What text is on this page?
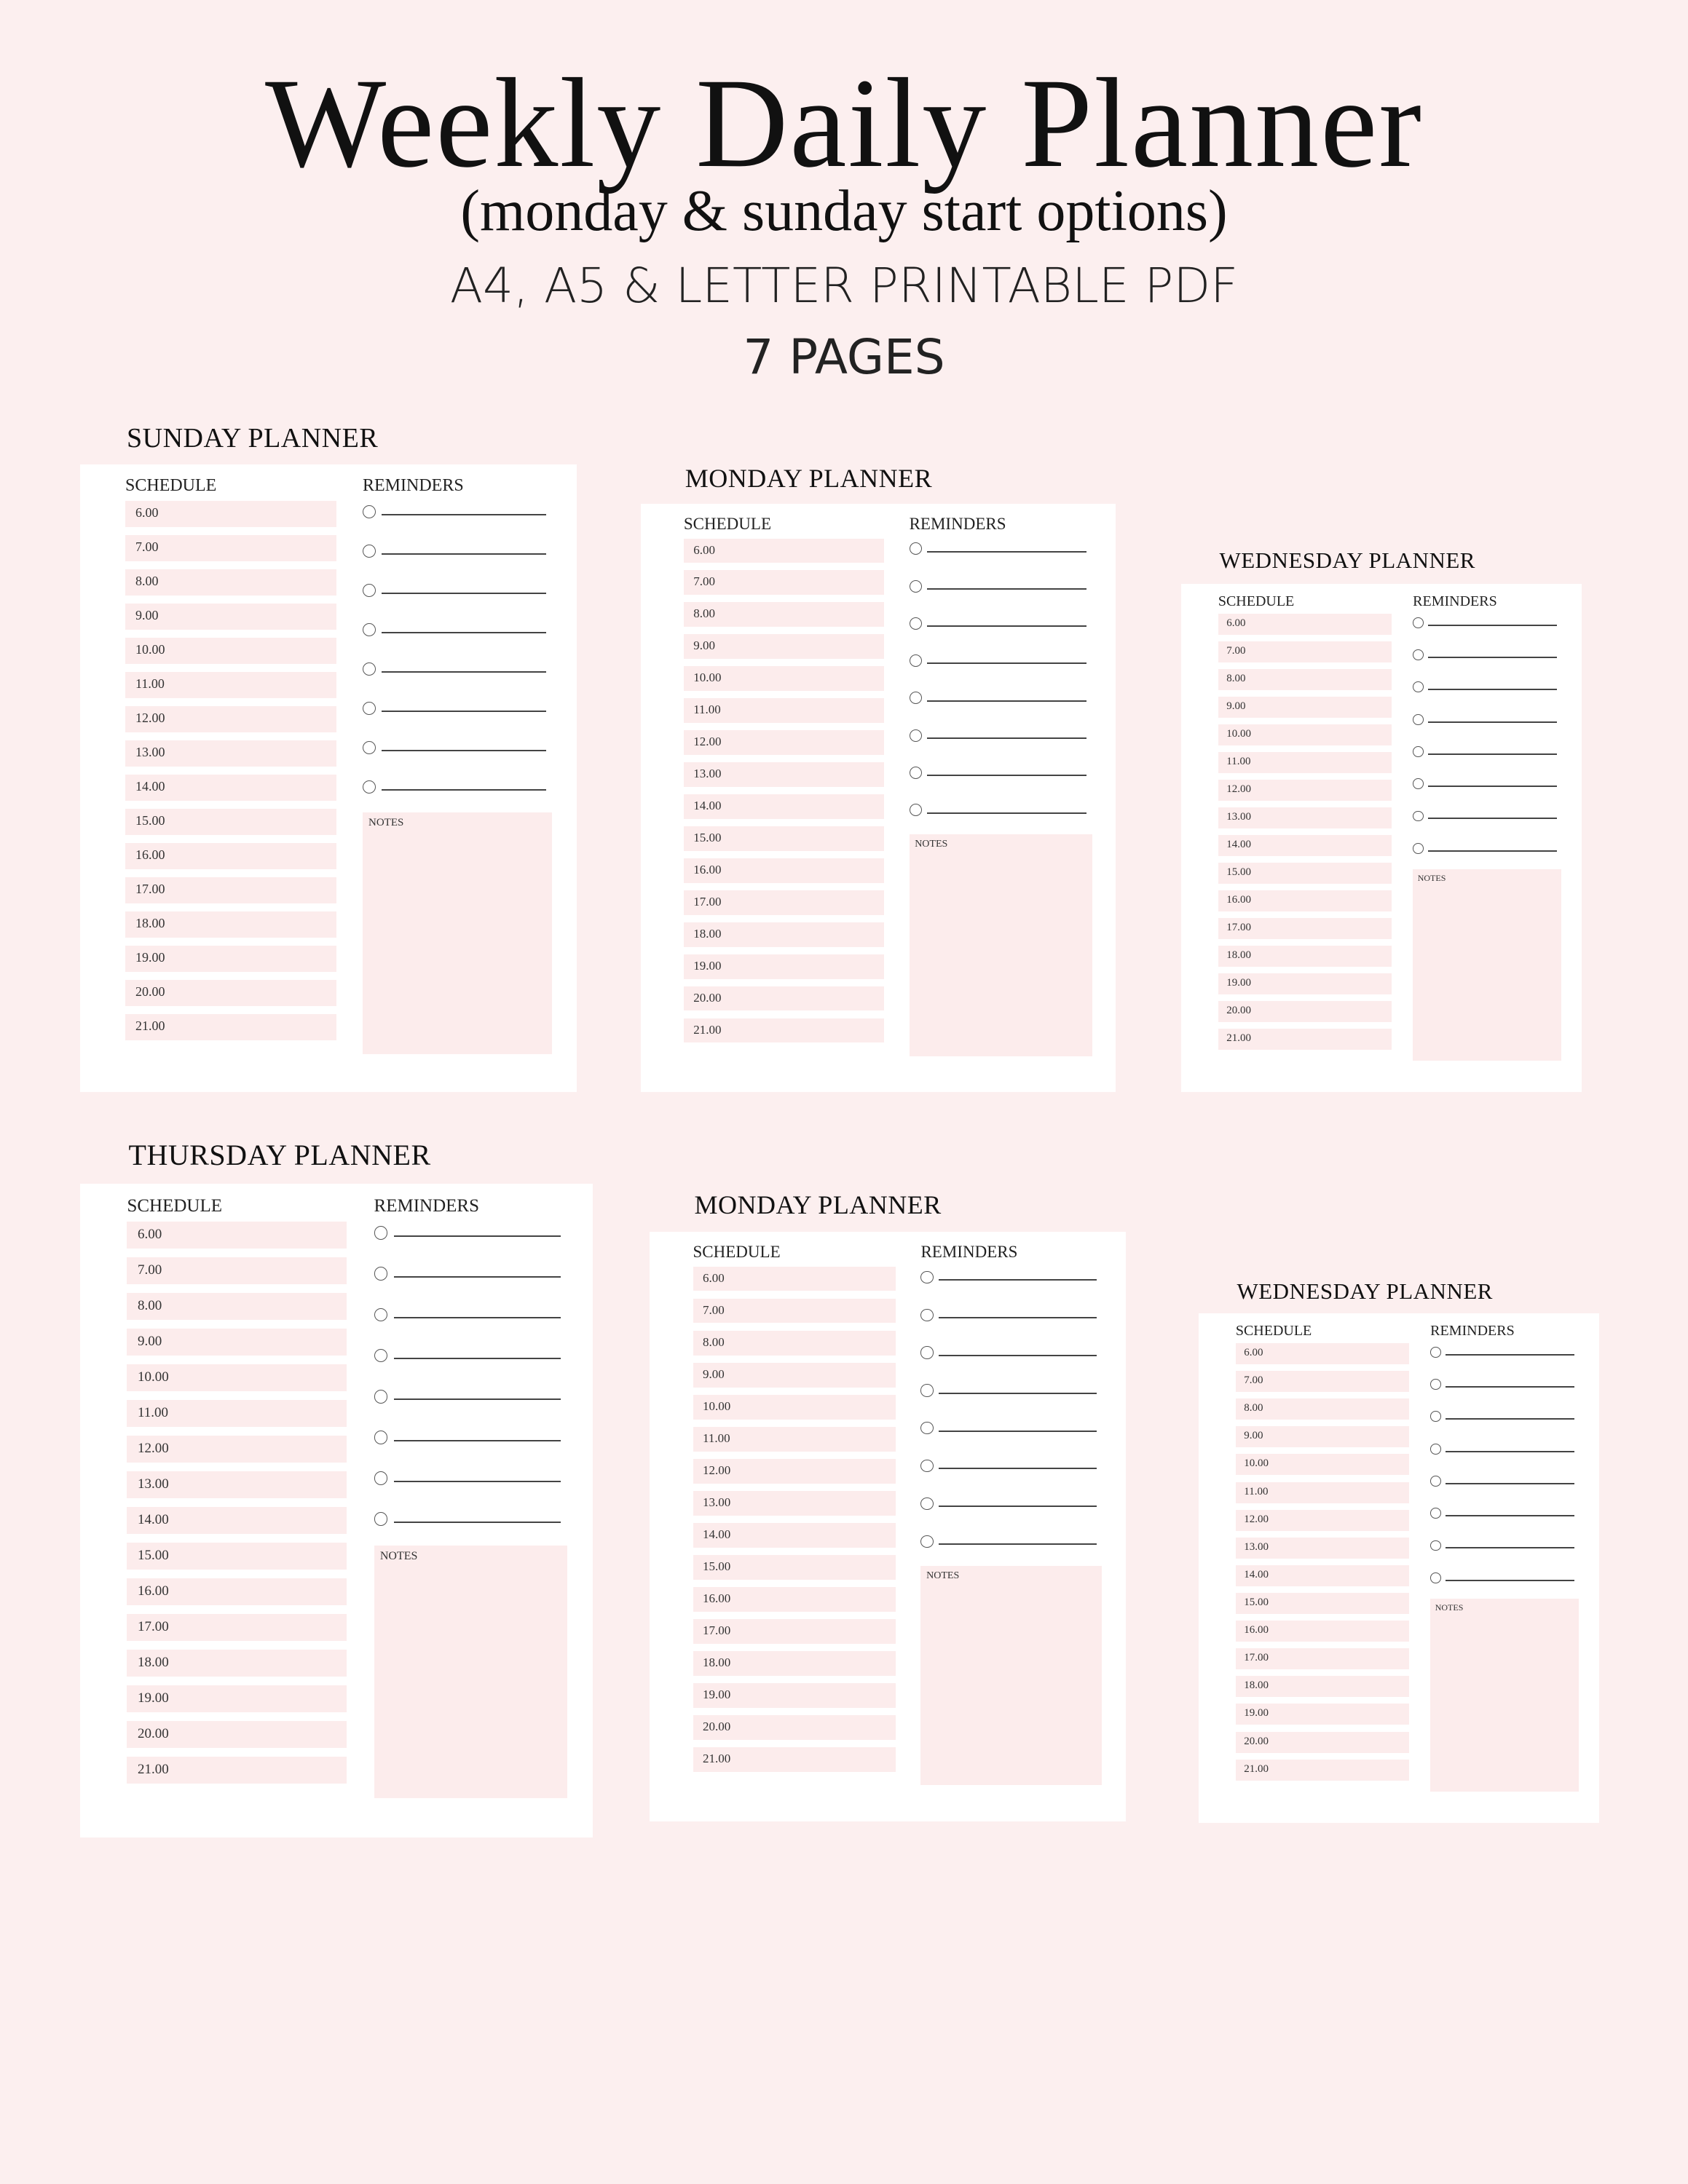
Weekly Daily Planner
(monday & sunday start options)
A4, A5 & LETTER PRINTABLE PDF
7 PAGES
SUNDAY PLANNER
SCHEDULE	REMINDERS
6.00
7.00
8.00
9.00
10.00
11.00
12.00
13.00
14.00
15.00
16.00
17.00
18.00
19.00
20.00
21.00
NOTES
MONDAY PLANNER
SCHEDULE	REMINDERS
6.00
7.00
8.00
9.00
10.00
11.00
12.00
13.00
14.00
15.00
16.00
17.00
18.00
19.00
20.00
21.00
NOTES
WEDNESDAY PLANNER
SCHEDULE	REMINDERS
6.00
7.00
8.00
9.00
10.00
11.00
12.00
13.00
14.00
15.00
16.00
17.00
18.00
19.00
20.00
21.00
NOTES
THURSDAY PLANNER
SCHEDULE	REMINDERS
6.00
7.00
8.00
9.00
10.00
11.00
12.00
13.00
14.00
15.00
16.00
17.00
18.00
19.00
20.00
21.00
NOTES
MONDAY PLANNER
SCHEDULE	REMINDERS
6.00
7.00
8.00
9.00
10.00
11.00
12.00
13.00
14.00
15.00
16.00
17.00
18.00
19.00
20.00
21.00
NOTES
WEDNESDAY PLANNER
SCHEDULE	REMINDERS
6.00
7.00
8.00
9.00
10.00
11.00
12.00
13.00
14.00
15.00
16.00
17.00
18.00
19.00
20.00
21.00
NOTES
